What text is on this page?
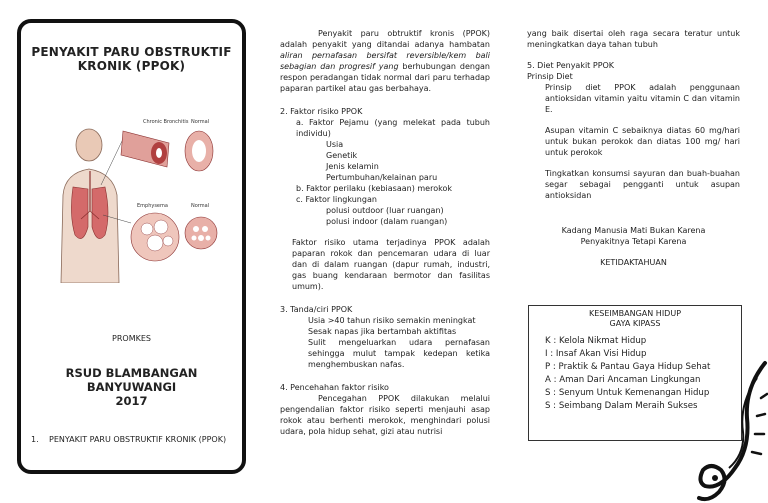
PENYAKIT PARU OBSTRUKTIF
KRONIK (PPOK)
Chronic Bronchitis Normal
Emphysema	Normal
PROMKES
RSUD BLAMBANGAN BANYUWANGI
2017
1. PENYAKIT PARU OBSTRUKTIF KRONIK (PPOK)

Penyakit paru obtruktif kronis (PPOK) adalah penyakit yang ditandai adanya hambatan aliran pernafasan bersifat reversible/kem bali sebagian dan progresif yang berhubungan dengan respon peradangan tidak normal dari paru terhadap paparan partikel atau gas berbahaya.

2. Faktor risiko PPOK

a. Faktor Pejamu (yang melekat pada tubuh individu)

Usia

Genetik

Jenis kelamin

Pertumbuhan/kelainan paru

b. Faktor perilaku (kebiasaan) merokok

c. Faktor lingkungan

polusi outdoor (luar ruangan)

polusi indoor (dalam ruangan)

Faktor risiko utama terjadinya PPOK adalah paparan rokok dan pencemaran udara di luar dan di dalam ruangan (dapur rumah, industri, gas buang kendaraan bermotor dan fasilitas umum).

3. Tanda/ciri PPOK

Usia >40 tahun risiko semakin meningkat

Sesak napas jika bertambah aktifitas

Sulit mengeluarkan udara pernafasan sehingga mulut tampak kedepan ketika menghembuskan nafas.

4. Pencehahan faktor risiko

Pencegahan PPOK dilakukan melalui pengendalian faktor risiko seperti menjauhi asap rokok atau berhenti merokok, menghindari polusi udara, pola hidup sehat, gizi atau nutrisi

yang baik disertai oleh raga secara teratur untuk meningkatkan daya tahan tubuh

5. Diet Penyakit PPOK

Prinsip Diet

Prinsip diet PPOK adalah penggunaan antioksidan vitamin yaitu vitamin C dan vitamin E.

Asupan vitamin C sebaiknya diatas 60 mg/hari untuk bukan perokok dan diatas 100 mg/ hari untuk perokok

Tingkatkan konsumsi sayuran dan buah-buahan segar sebagai pengganti untuk asupan antioksidan

Kadang Manusia Mati Bukan Karena

Penyakitnya Tetapi Karena

KETIDAKTAHUAN

KESEIMBANGAN HIDUP
GAYA KIPASS
K : Kelola Nikmat Hidup
I : Insaf Akan Visi Hidup
P : Praktik & Pantau Gaya Hidup Sehat
A : Aman Dari Ancaman Lingkungan
S : Senyum Untuk Kemenangan Hidup
S : Seimbang Dalam Meraih Sukses
